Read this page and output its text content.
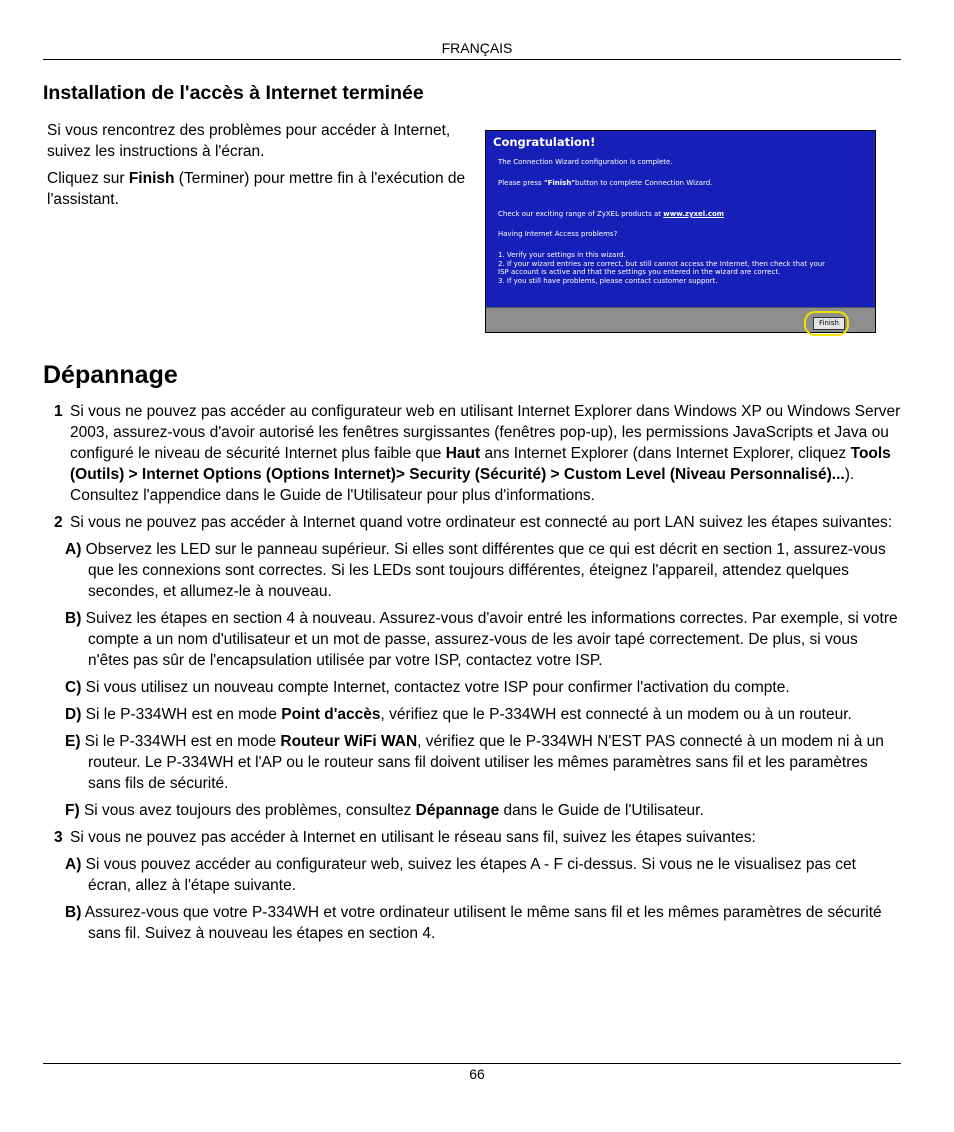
FRANÇAIS
Installation de l'accès à Internet terminée

Si vous rencontrez des problèmes pour accéder à Internet, suivez les instructions à l'écran.

Cliquez sur Finish (Terminer) pour mettre fin à l'exécution de l'assistant.

Congratulation!
The Connection Wizard configuration is complete.
Please press "Finish"button to complete Connection Wizard.
Check our exciting range of ZyXEL products at www.zyxel.com
Having Internet Access problems?
1. Verify your settings in this wizard.
2. If your wizard entries are correct, but still cannot access the Internet, then check that your
ISP account is active and that the settings you entered in the wizard are correct.
3. If you still have problems, please contact customer support.
Finish
Dépannage
1 Si vous ne pouvez pas accéder au configurateur web en utilisant Internet Explorer dans Windows XP ou Windows Server 2003, assurez-vous d'avoir autorisé les fenêtres surgissantes (fenêtres pop-up), les permissions JavaScripts et Java ou configuré le niveau de sécurité Internet plus faible que Haut ans Internet Explorer (dans Internet Explorer, cliquez Tools (Outils) > Internet Options (Options Internet)> Security (Sécurité) > Custom Level (Niveau Personnalisé)...). Consultez l'appendice dans le Guide de l'Utilisateur pour plus d'informations.
2 Si vous ne pouvez pas accéder à Internet quand votre ordinateur est connecté au port LAN suivez les étapes suivantes:
A) Observez les LED sur le panneau supérieur. Si elles sont différentes que ce qui est décrit en section 1, assurez-vous que les connexions sont correctes. Si les LEDs sont toujours différentes, éteignez l'appareil, attendez quelques secondes, et allumez-le à nouveau.
B) Suivez les étapes en section 4 à nouveau. Assurez-vous d'avoir entré les informations correctes. Par exemple, si votre compte a un nom d'utilisateur et un mot de passe, assurez-vous de les avoir tapé correctement. De plus, si vous n'êtes pas sûr de l'encapsulation utilisée par votre ISP, contactez votre ISP.
C) Si vous utilisez un nouveau compte Internet, contactez votre ISP pour confirmer l'activation du compte.
D) Si le P-334WH est en mode Point d'accès, vérifiez que le P-334WH est connecté à un modem ou à un routeur.
E) Si le P-334WH est en mode Routeur WiFi WAN, vérifiez que le P-334WH N'EST PAS connecté à un modem ni à un routeur. Le P-334WH et l'AP ou le routeur sans fil doivent utiliser les mêmes paramètres sans fil et les paramètres sans fils de sécurité.
F) Si vous avez toujours des problèmes, consultez Dépannage dans le Guide de l'Utilisateur.
3 Si vous ne pouvez pas accéder à Internet en utilisant le réseau sans fil, suivez les étapes suivantes:
A) Si vous pouvez accéder au configurateur web, suivez les étapes A - F ci-dessus. Si vous ne le visualisez pas cet écran, allez à l'étape suivante.
B) Assurez-vous que votre P-334WH et votre ordinateur utilisent le même sans fil et les mêmes paramètres de sécurité sans fil. Suivez à nouveau les étapes en section 4.
66
